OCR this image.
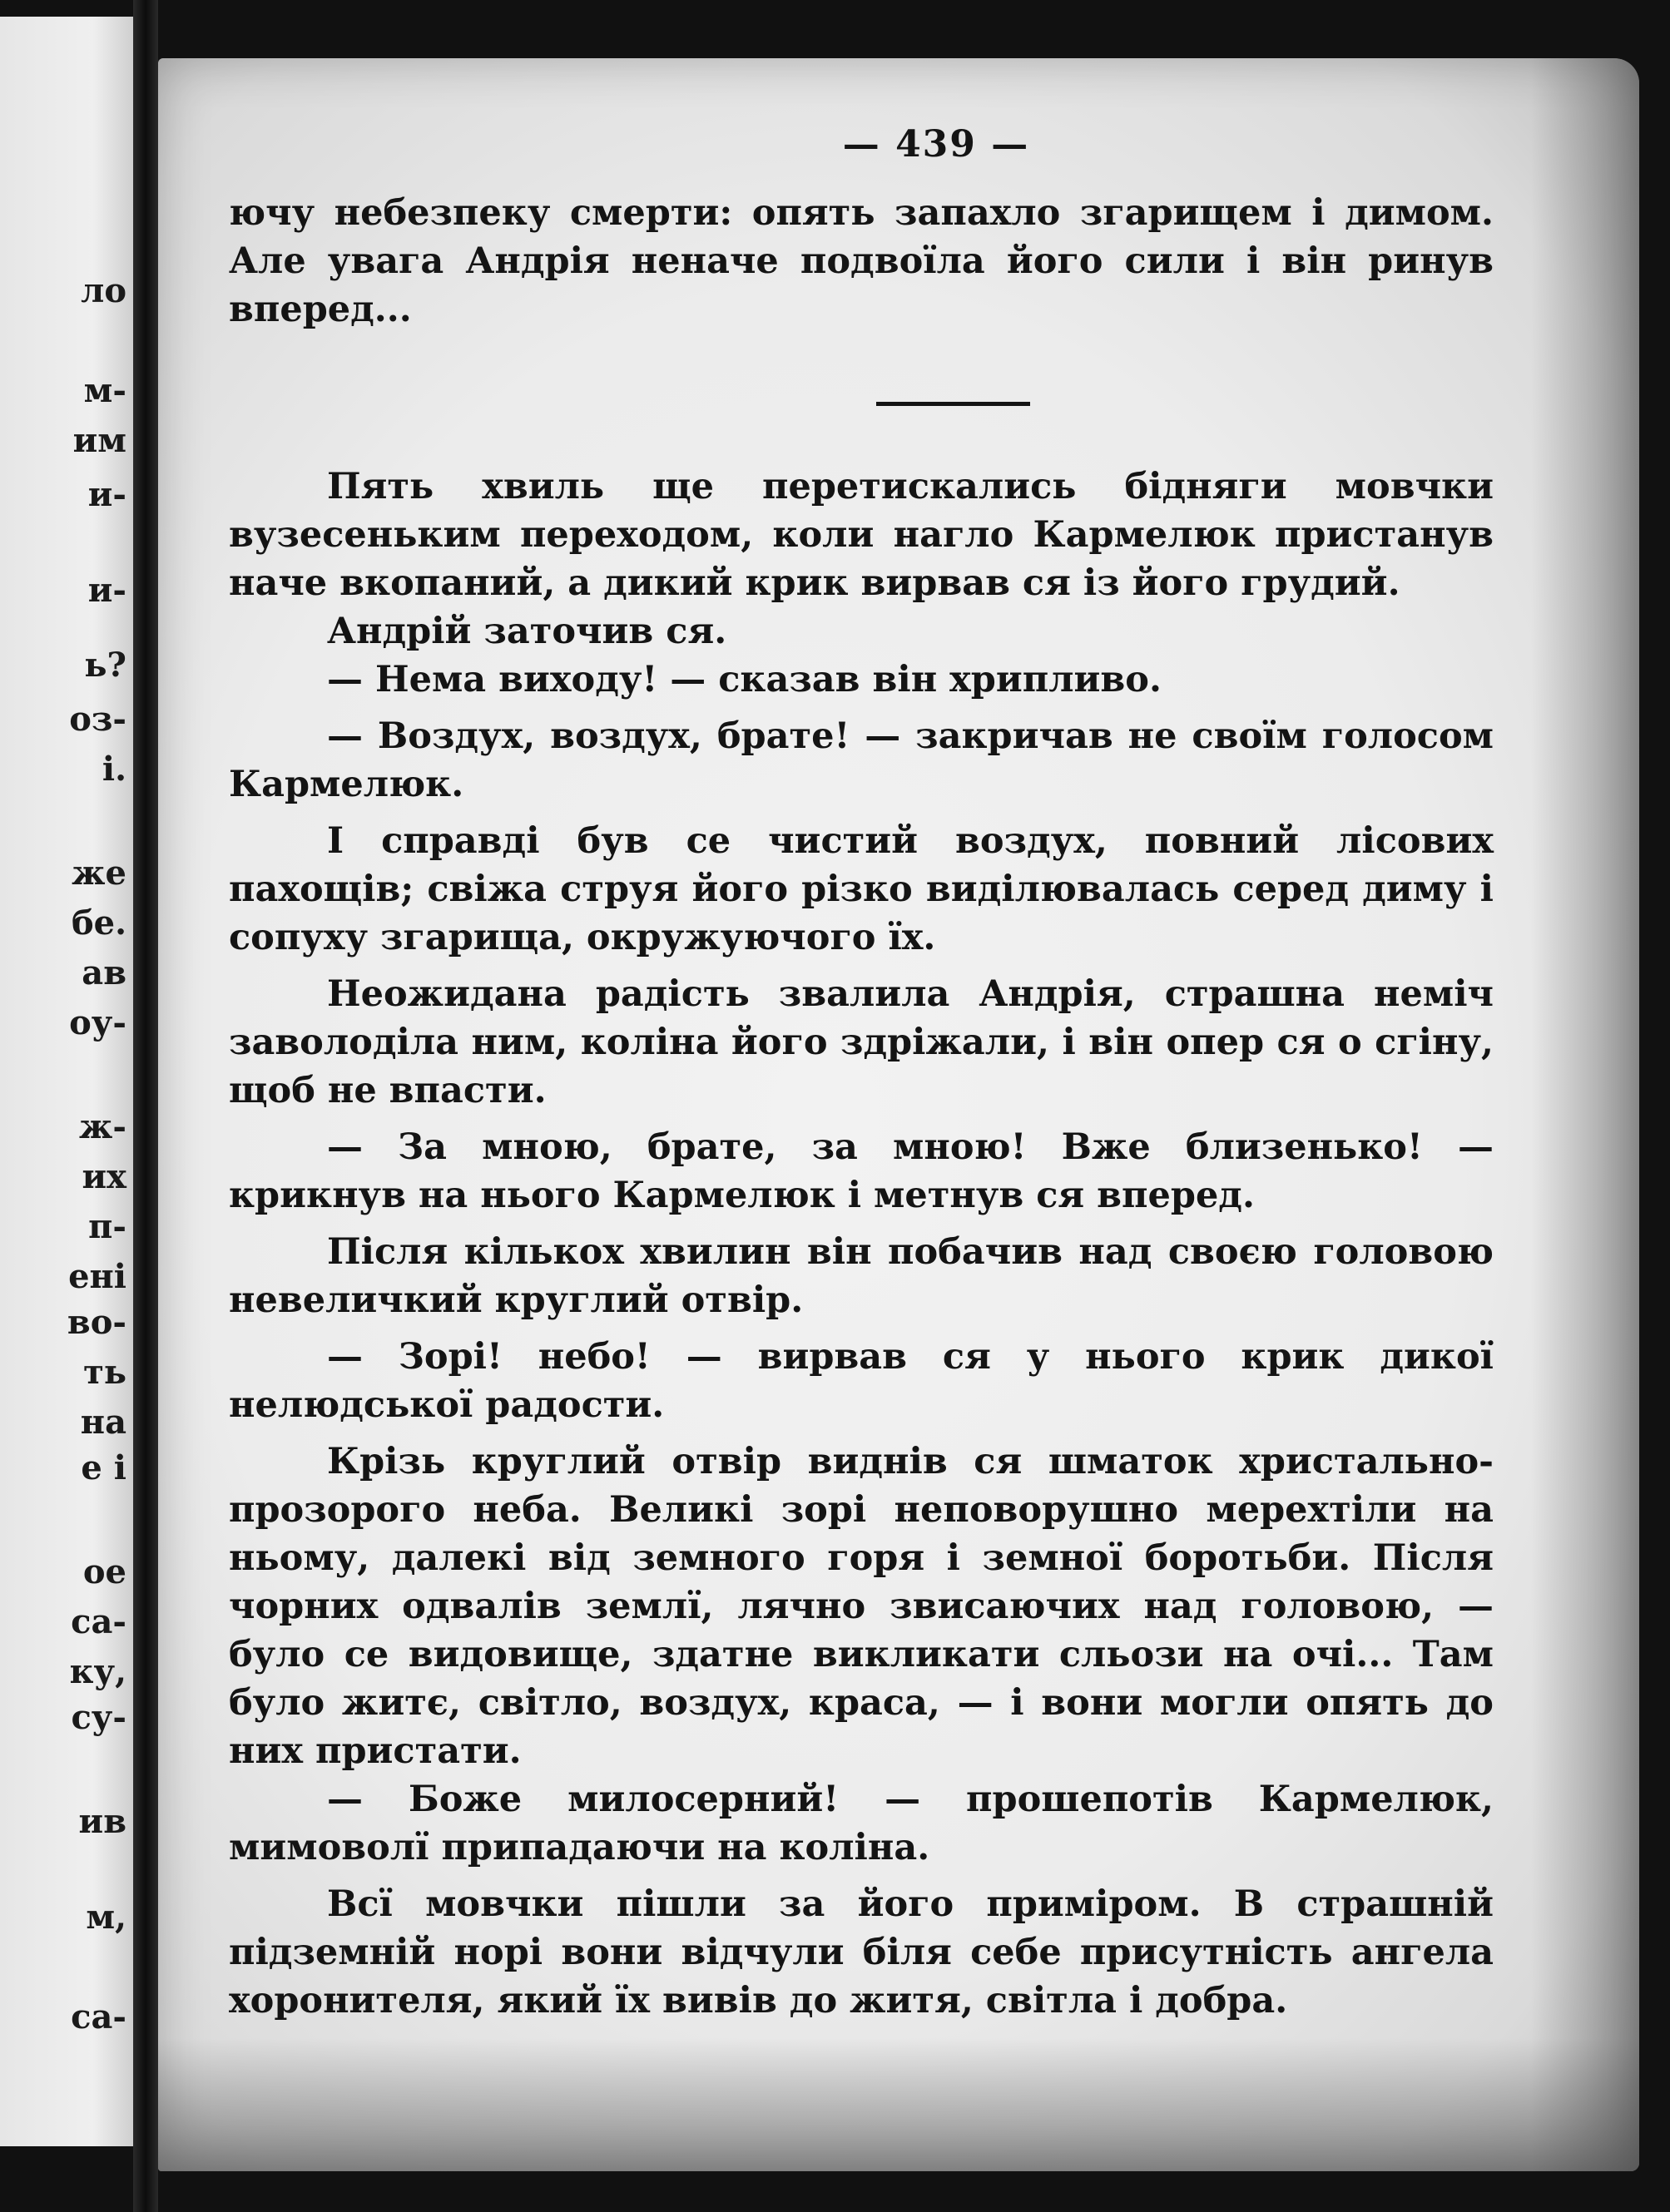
ло
м-
им
и-
и-
ь?
оз-
і.
же
бе.
ав
оу-
ж-
их
п-
ені
во-
ть
на
е і
ое
са-
ку,
су-
ив
м,
са-
— 439 —

ючу небезпеку смерти: опять запахло згарищем і димом. Але увага Андрія неначе подвоїла його сили і він ринув вперед...

Пять хвиль ще перетискались бідняги мовчки вузесеньким переходом, коли нагло Кармелюк пристанув наче вкопаний, а дикий крик вирвав ся із його грудий.

Андрій заточив ся.

— Нема виходу! — сказав він хрипливо.

— Воздух, воздух, брате! — закричав не своїм голосом Кармелюк.

І справді був се чистий воздух, повний лісових пахощів; свіжа струя його різко виділювалась серед диму і сопуху згарища, окружуючого їх.

Неожидана радість звалила Андрія, страшна неміч заволоділа ним, коліна його здріжали, і він опер ся о сгіну, щоб не впасти.

— За мною, брате, за мною! Вже близенько! — крикнув на нього Кармелюк і метнув ся вперед.

Після кількох хвилин він побачив над своєю головою невеличкий круглий отвір.

— Зорі! небо! — вирвав ся у нього крик дикої нелюдської радости.

Крізь круглий отвір виднів ся шматок христально-прозорого неба. Великі зорі неповорушно мерехтіли на ньому, далекі від земного горя і земної боротьби. Після чорних одвалів землї, лячно звисаючих над головою, — було се видовище, здатне викликати сльози на очі... Там було житє, світло, воздух, краса, — і вони могли опять до них пристати.

— Боже милосерний! — прошепотів Кармелюк, мимоволї припадаючи на коліна.

Всї мовчки пішли за його приміром. В страшній підземній норі вони відчули біля себе присутність ангела хоронителя, який їх вивів до житя, світла і добра.
